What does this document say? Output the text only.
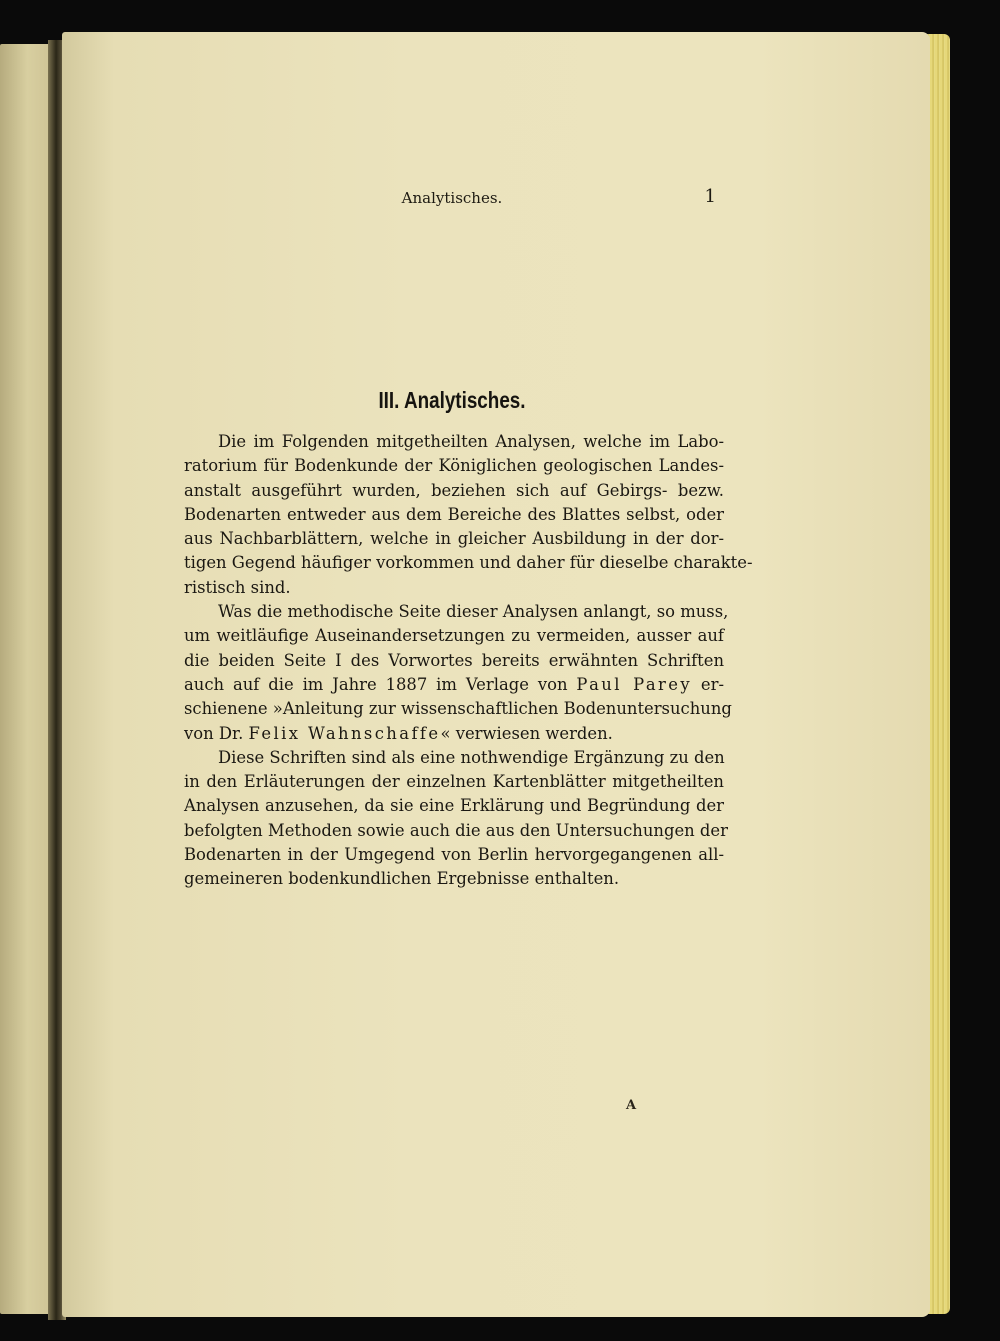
Analytisches.	1
III. Analytisches.
Die im Folgenden mitgetheilten Analysen, welche im Labo-
ratorium für Bodenkunde der Königlichen geologischen Landes-
anstalt ausgeführt wurden, beziehen sich auf Gebirgs- bezw.
Bodenarten entweder aus dem Bereiche des Blattes selbst, oder
aus Nachbarblättern, welche in gleicher Ausbildung in der dor-
tigen Gegend häufiger vorkommen und daher für dieselbe charakte-
ristisch sind.
Was die methodische Seite dieser Analysen anlangt, so muss,
um weitläufige Auseinandersetzungen zu vermeiden, ausser auf
die beiden Seite I des Vorwortes bereits erwähnten Schriften
auch auf die im Jahre 1887 im Verlage von Paul Parey er-
schienene »Anleitung zur wissenschaftlichen Bodenuntersuchung
von Dr. Felix Wahnschaffe« verwiesen werden.
Diese Schriften sind als eine nothwendige Ergänzung zu den
in den Erläuterungen der einzelnen Kartenblätter mitgetheilten
Analysen anzusehen, da sie eine Erklärung und Begründung der
befolgten Methoden sowie auch die aus den Untersuchungen der
Bodenarten in der Umgegend von Berlin hervorgegangenen all-
gemeineren bodenkundlichen Ergebnisse enthalten.
A
